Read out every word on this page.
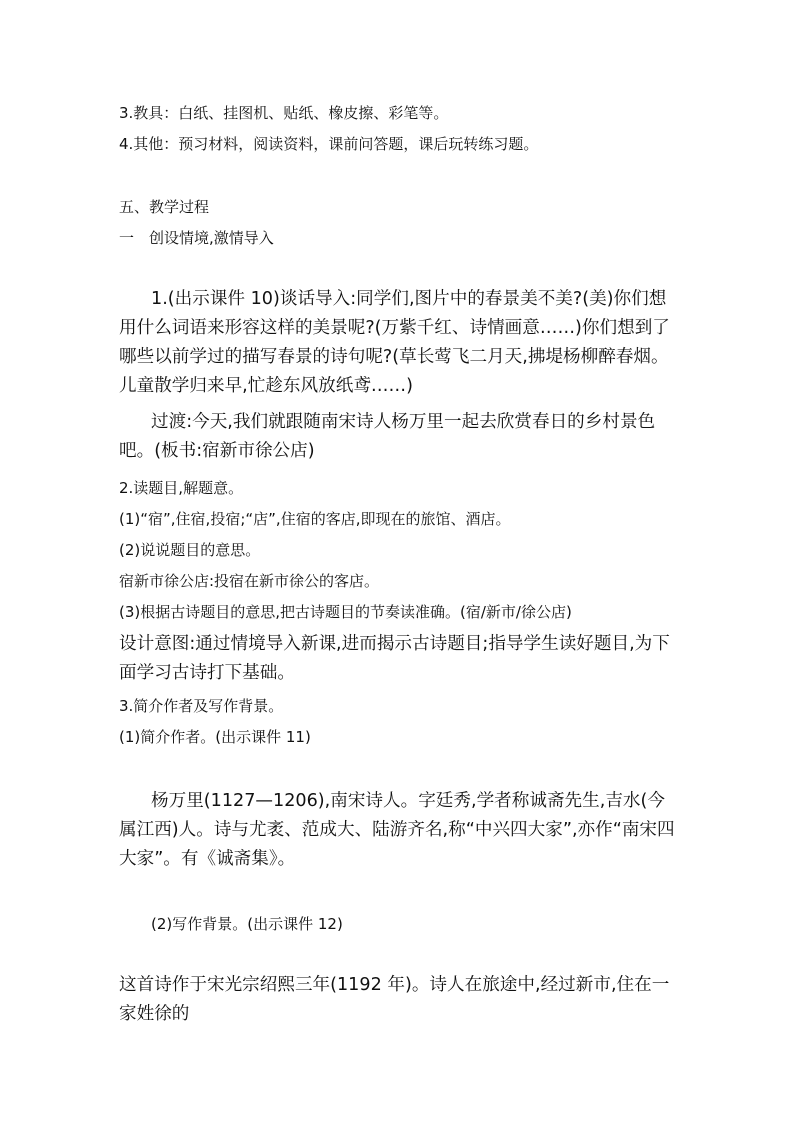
3.教具：白纸、挂图机、贴纸、橡皮擦、彩笔等。
4.其他：预习材料，阅读资料，课前问答题，课后玩转练习题。
五、教学过程
一　创设情境,激情导入
1.(出示课件 10)谈话导入:同学们,图片中的春景美不美?(美)你们想用什么词语来形容这样的美景呢?(万紫千红、诗情画意……)你们想到了哪些以前学过的描写春景的诗句呢?(草长莺飞二月天,拂堤杨柳醉春烟。儿童散学归来早,忙趁东风放纸鸢……)
过渡:今天,我们就跟随南宋诗人杨万里一起去欣赏春日的乡村景色吧。(板书:宿新市徐公店)
2.读题目,解题意。
(1)“宿”,住宿,投宿;“店”,住宿的客店,即现在的旅馆、酒店。
(2)说说题目的意思。
宿新市徐公店:投宿在新市徐公的客店。
(3)根据古诗题目的意思,把古诗题目的节奏读准确。(宿/新市/徐公店)
设计意图:通过情境导入新课,进而揭示古诗题目;指导学生读好题目,为下面学习古诗打下基础。
3.简介作者及写作背景。
(1)简介作者。(出示课件 11)
杨万里(1127—1206),南宋诗人。字廷秀,学者称诚斋先生,吉水(今属江西)人。诗与尤袤、范成大、陆游齐名,称“中兴四大家”,亦作“南宋四大家”。有《诚斋集》。
(2)写作背景。(出示课件 12)
这首诗作于宋光宗绍熙三年(1192 年)。诗人在旅途中,经过新市,住在一家姓徐的
